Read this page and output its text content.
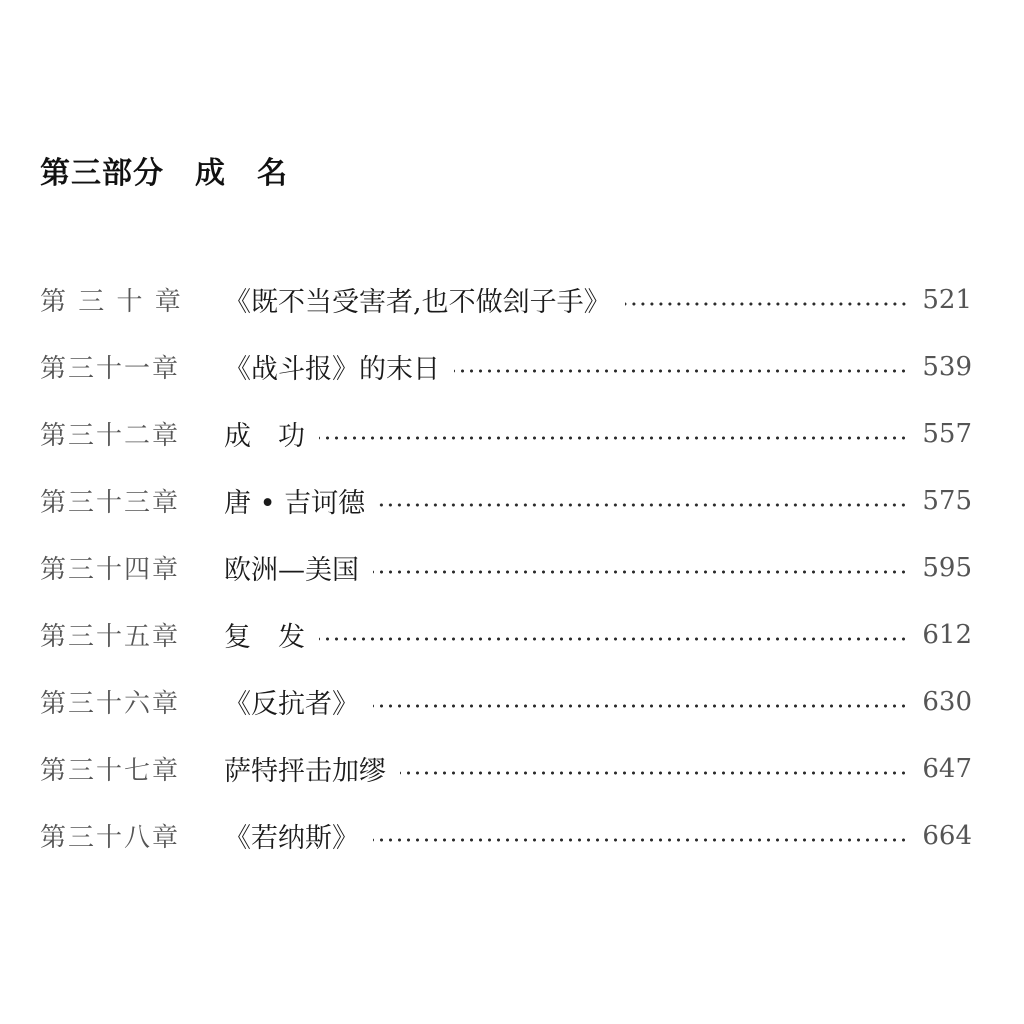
第三部分　成　名
第 三 十 章	《既不当受害者,也不做刽子手》	521
第三十一章	《战斗报》的末日	539
第三十二章	成　功	557
第三十三章	唐 • 吉诃德	575
第三十四章	欧洲—美国	595
第三十五章	复　发	612
第三十六章	《反抗者》	630
第三十七章	萨特抨击加缪	647
第三十八章	《若纳斯》	664
